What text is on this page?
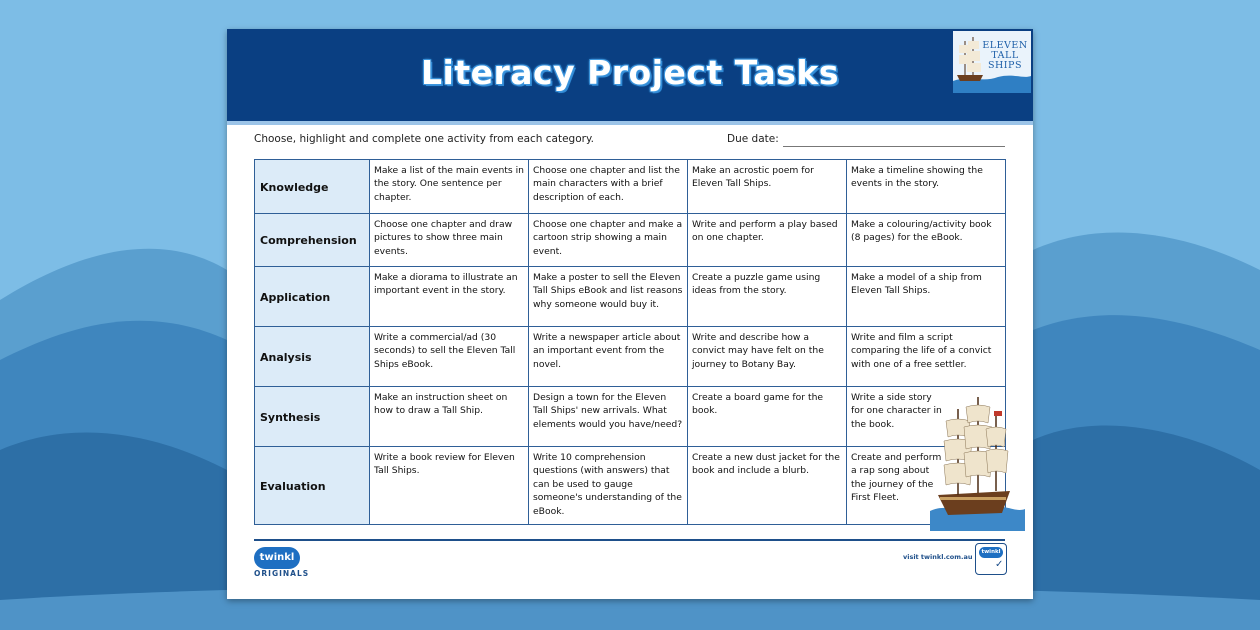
Literacy Project Tasks
ELEVEN
TALL
SHIPS
Choose, highlight and complete one activity from each category.	Due date:
Knowledge	Make a list of the main events in the story. One sentence per chapter.	Choose one chapter and list the main characters with a brief description of each.	Make an acrostic poem for Eleven Tall Ships.	Make a timeline showing the events in the story.
Comprehension	Choose one chapter and draw pictures to show three main events.	Choose one chapter and make a cartoon strip showing a main event.	Write and perform a play based on one chapter.	Make a colouring/activity book (8 pages) for the eBook.
Application	Make a diorama to illustrate an important event in the story.	Make a poster to sell the Eleven Tall Ships eBook and list reasons why someone would buy it.	Create a puzzle game using ideas from the story.	Make a model of a ship from Eleven Tall Ships.
Analysis	Write a commercial/ad (30 seconds) to sell the Eleven Tall Ships eBook.	Write a newspaper article about an important event from the novel.	Write and describe how a convict may have felt on the journey to Botany Bay.	Write and film a script comparing the life of a convict with one of a free settler.
Synthesis	Make an instruction sheet on how to draw a Tall Ship.	Design a town for the Eleven Tall Ships' new arrivals. What elements would you have/need?	Create a board game for the book.	Write a side story for one character in the book.
Evaluation	Write a book review for Eleven Tall Ships.	Write 10 comprehension questions (with answers) that can be used to gauge someone's understanding of the eBook.	Create a new dust jacket for the book and include a blurb.	Create and perform a rap song about the journey of the First Fleet.
twinkl
ORIGINALS
visit twinkl.com.au
twinkl
✓
